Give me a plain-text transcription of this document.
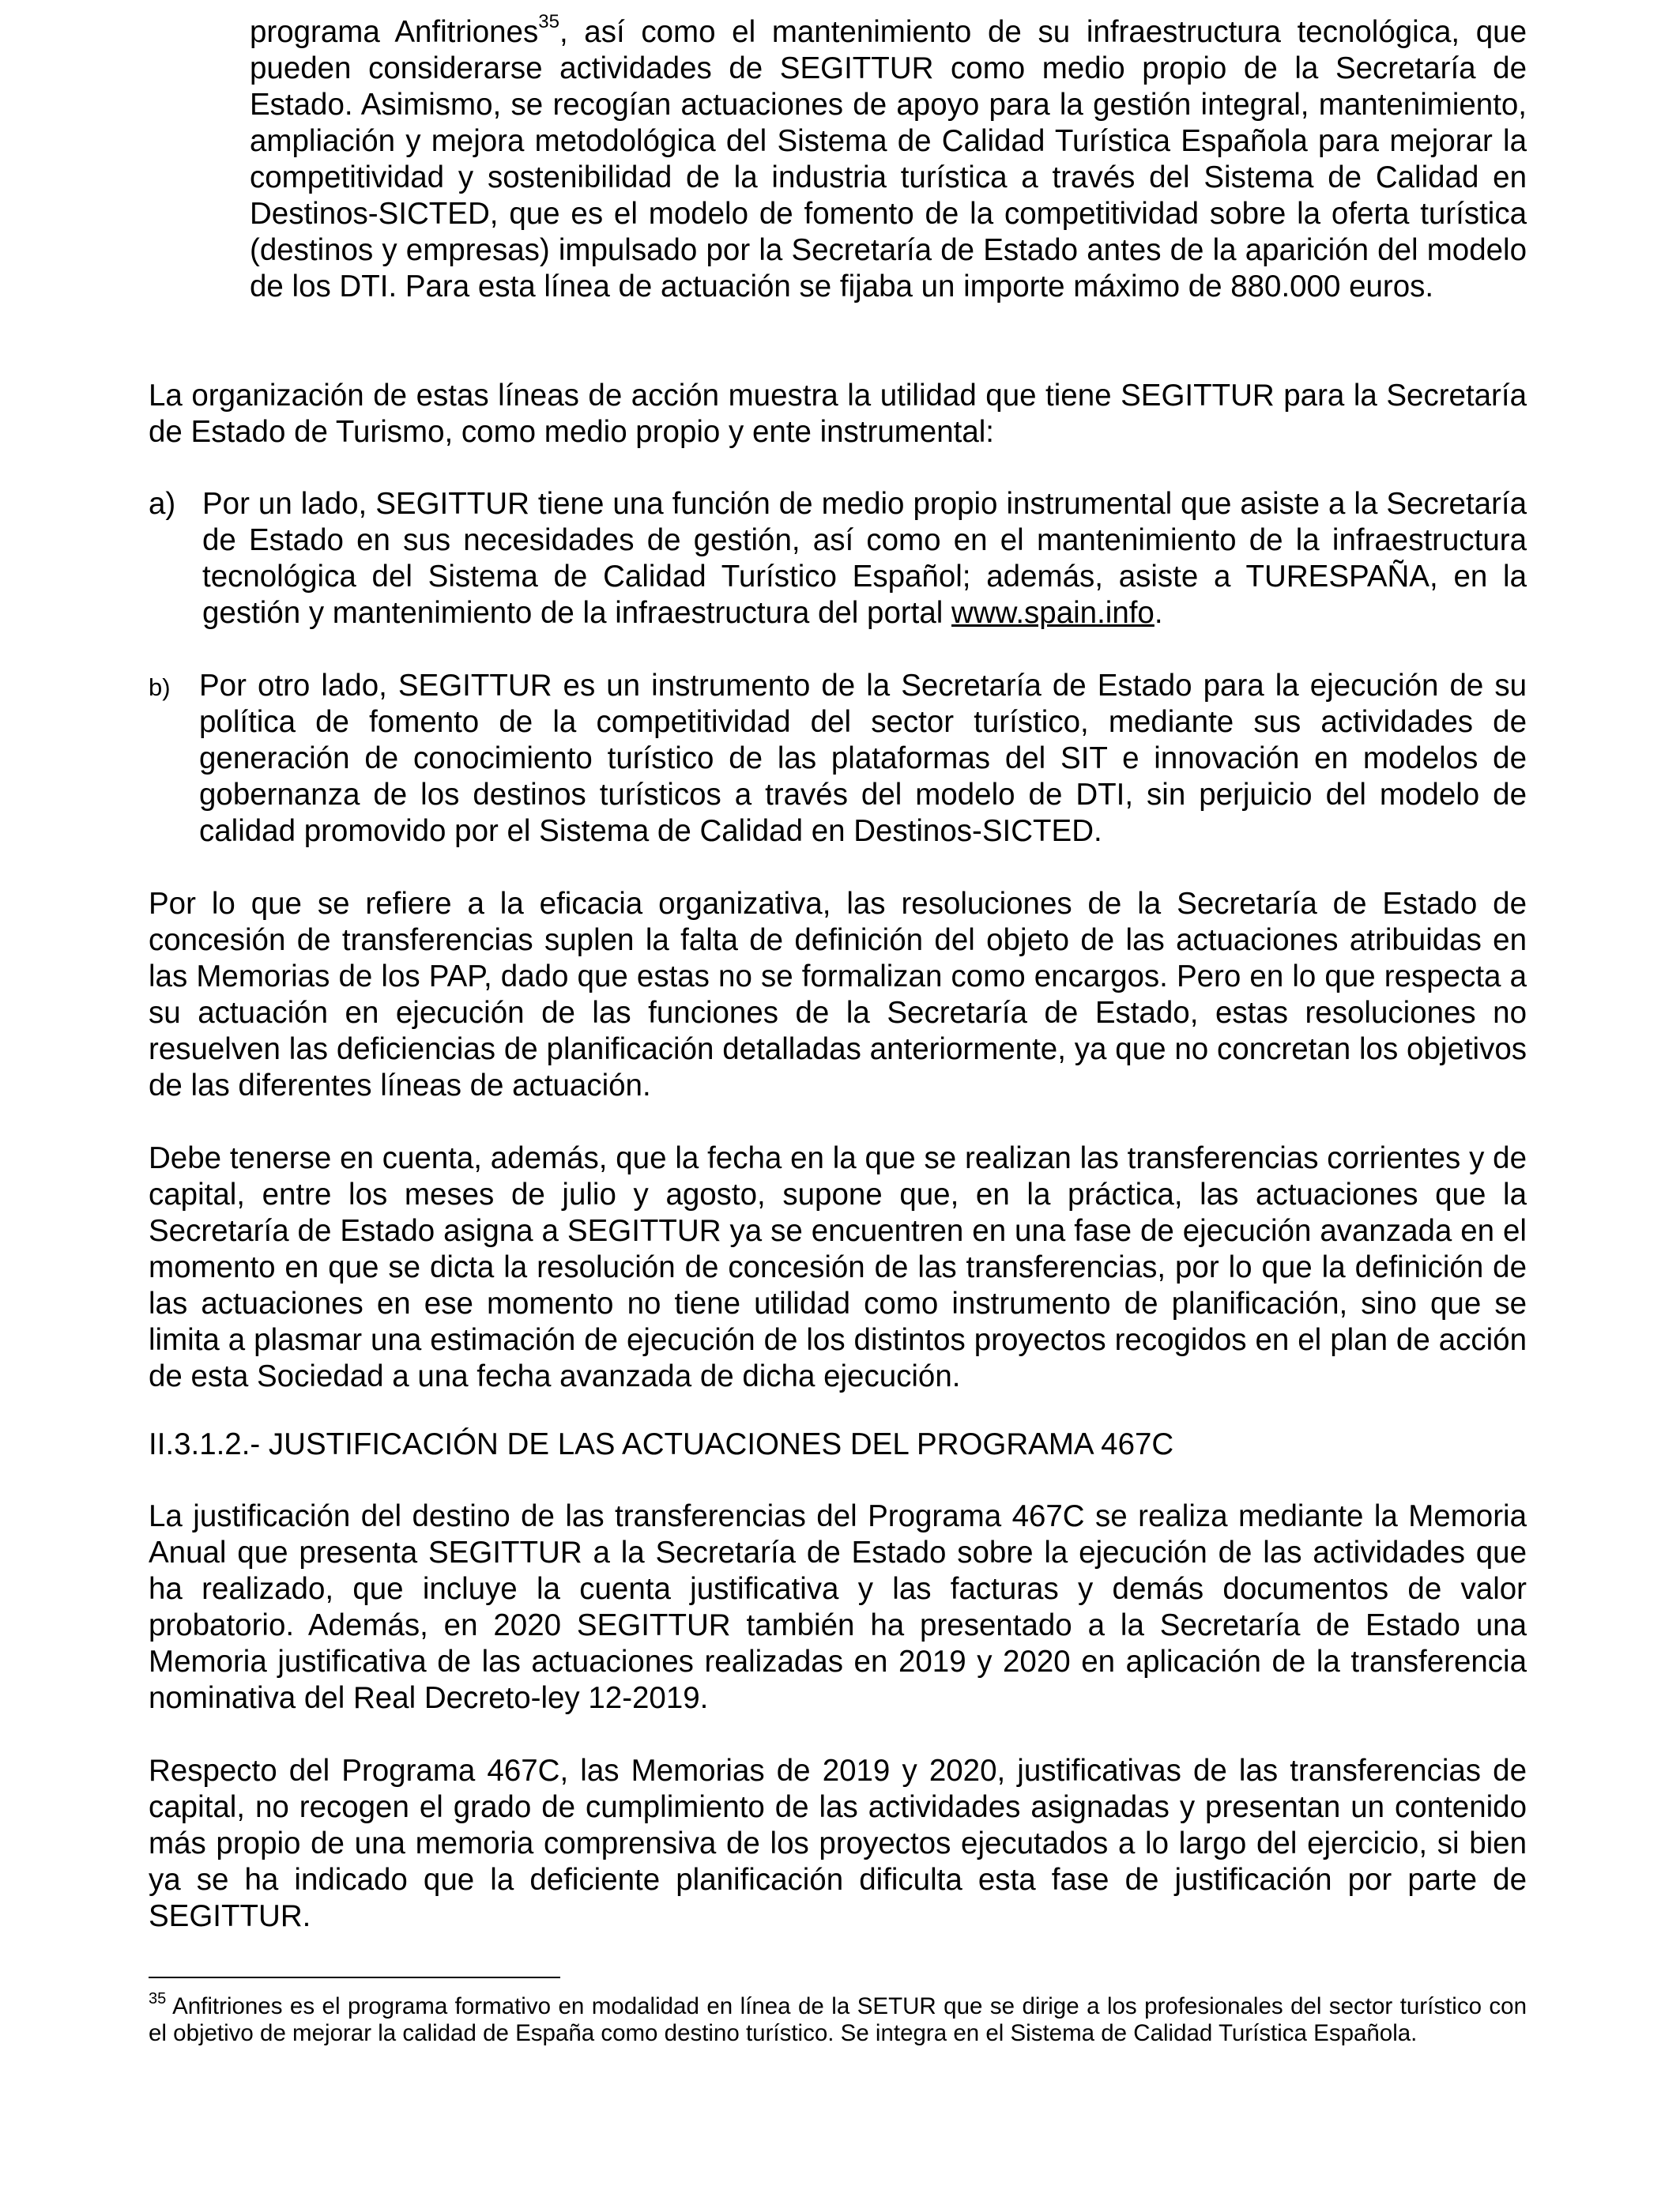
programa Anfitriones$^{35}$, así como el mantenimiento de su infraestructura tecnológica, que pueden considerarse actividades de SEGITTUR como medio propio de la Secretaría de Estado. Asimismo, se recogían actuaciones de apoyo para la gestión integral, mantenimiento, ampliación y mejora metodológica del Sistema de Calidad Turística Española para mejorar la competitividad y sostenibilidad de la industria turística a través del Sistema de Calidad en Destinos-SICTED, que es el modelo de fomento de la competitividad sobre la oferta turística (destinos y empresas) impulsado por la Secretaría de Estado antes de la aparición del modelo de los DTI. Para esta línea de actuación se fijaba un importe máximo de 880.000 euros.

La organización de estas líneas de acción muestra la utilidad que tiene SEGITTUR para la Secretaría de Estado de Turismo, como medio propio y ente instrumental:

a) Por un lado, SEGITTUR tiene una función de medio propio instrumental que asiste a la Secretaría de Estado en sus necesidades de gestión, así como en el mantenimiento de la infraestructura tecnológica del Sistema de Calidad Turístico Español; además, asiste a TURESPAÑA, en la gestión y mantenimiento de la infraestructura del portal www.spain.info.

b) Por otro lado, SEGITTUR es un instrumento de la Secretaría de Estado para la ejecución de su política de fomento de la competitividad del sector turístico, mediante sus actividades de generación de conocimiento turístico de las plataformas del SIT e innovación en modelos de gobernanza de los destinos turísticos a través del modelo de DTI, sin perjuicio del modelo de calidad promovido por el Sistema de Calidad en Destinos-SICTED.

Por lo que se refiere a la eficacia organizativa, las resoluciones de la Secretaría de Estado de concesión de transferencias suplen la falta de definición del objeto de las actuaciones atribuidas en las Memorias de los PAP, dado que estas no se formalizan como encargos. Pero en lo que respecta a su actuación en ejecución de las funciones de la Secretaría de Estado, estas resoluciones no resuelven las deficiencias de planificación detalladas anteriormente, ya que no concretan los objetivos de las diferentes líneas de actuación.

Debe tenerse en cuenta, además, que la fecha en la que se realizan las transferencias corrientes y de capital, entre los meses de julio y agosto, supone que, en la práctica, las actuaciones que la Secretaría de Estado asigna a SEGITTUR ya se encuentren en una fase de ejecución avanzada en el momento en que se dicta la resolución de concesión de las transferencias, por lo que la definición de las actuaciones en ese momento no tiene utilidad como instrumento de planificación, sino que se limita a plasmar una estimación de ejecución de los distintos proyectos recogidos en el plan de acción de esta Sociedad a una fecha avanzada de dicha ejecución.

II.3.1.2.- JUSTIFICACIÓN DE LAS ACTUACIONES DEL PROGRAMA 467C

La justificación del destino de las transferencias del Programa 467C se realiza mediante la Memoria Anual que presenta SEGITTUR a la Secretaría de Estado sobre la ejecución de las actividades que ha realizado, que incluye la cuenta justificativa y las facturas y demás documentos de valor probatorio. Además, en 2020 SEGITTUR también ha presentado a la Secretaría de Estado una Memoria justificativa de las actuaciones realizadas en 2019 y 2020 en aplicación de la transferencia nominativa del Real Decreto-ley 12-2019.

Respecto del Programa 467C, las Memorias de 2019 y 2020, justificativas de las transferencias de capital, no recogen el grado de cumplimiento de las actividades asignadas y presentan un contenido más propio de una memoria comprensiva de los proyectos ejecutados a lo largo del ejercicio, si bien ya se ha indicado que la deficiente planificación dificulta esta fase de justificación por parte de SEGITTUR.

$^{35}$ Anfitriones es el programa formativo en modalidad en línea de la SETUR que se dirige a los profesionales del sector turístico con el objetivo de mejorar la calidad de España como destino turístico. Se integra en el Sistema de Calidad Turística Española.
